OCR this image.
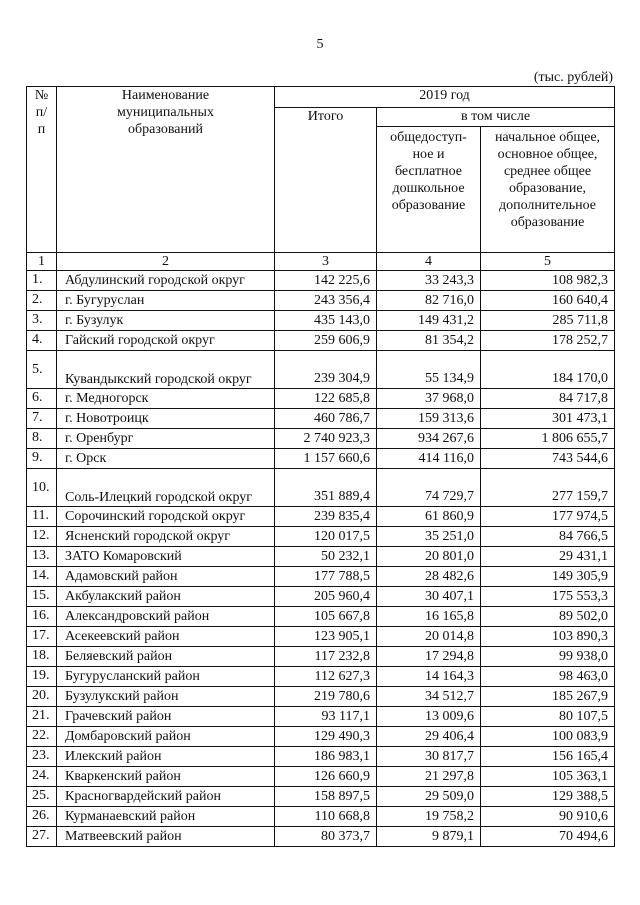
5
(тыс. рублей)
№ п/п	Наименование муниципальных образований	2019 год		
		Итого	в том числе	
			общедоступ-ное и бесплатное дошкольное образование	начальное общее, основное общее, среднее общее образование, дополнительное образование
1	2	3	4	5
1.	Абдулинский городской округ	142 225,6	33 243,3	108 982,3
2.	г. Бугуруслан	243 356,4	82 716,0	160 640,4
3.	г. Бузулук	435 143,0	149 431,2	285 711,8
4.	Гайский городской округ	259 606,9	81 354,2	178 252,7
5.	Кувандыкский городской округ	239 304,9	55 134,9	184 170,0
6.	г. Медногорск	122 685,8	37 968,0	84 717,8
7.	г. Новотроицк	460 786,7	159 313,6	301 473,1
8.	г. Оренбург	2 740 923,3	934 267,6	1 806 655,7
9.	г. Орск	1 157 660,6	414 116,0	743 544,6
10.	Соль-Илецкий городской округ	351 889,4	74 729,7	277 159,7
11.	Сорочинский городской округ	239 835,4	61 860,9	177 974,5
12.	Ясненский городской округ	120 017,5	35 251,0	84 766,5
13.	ЗАТО Комаровский	50 232,1	20 801,0	29 431,1
14.	Адамовский район	177 788,5	28 482,6	149 305,9
15.	Акбулакский район	205 960,4	30 407,1	175 553,3
16.	Александровский район	105 667,8	16 165,8	89 502,0
17.	Асекеевский район	123 905,1	20 014,8	103 890,3
18.	Беляевский район	117 232,8	17 294,8	99 938,0
19.	Бугурусланский район	112 627,3	14 164,3	98 463,0
20.	Бузулукский район	219 780,6	34 512,7	185 267,9
21.	Грачевский район	93 117,1	13 009,6	80 107,5
22.	Домбаровский район	129 490,3	29 406,4	100 083,9
23.	Илекский район	186 983,1	30 817,7	156 165,4
24.	Кваркенский район	126 660,9	21 297,8	105 363,1
25.	Красногвардейский район	158 897,5	29 509,0	129 388,5
26.	Курманаевский район	110 668,8	19 758,2	90 910,6
27.	Матвеевский район	80 373,7	9 879,1	70 494,6
